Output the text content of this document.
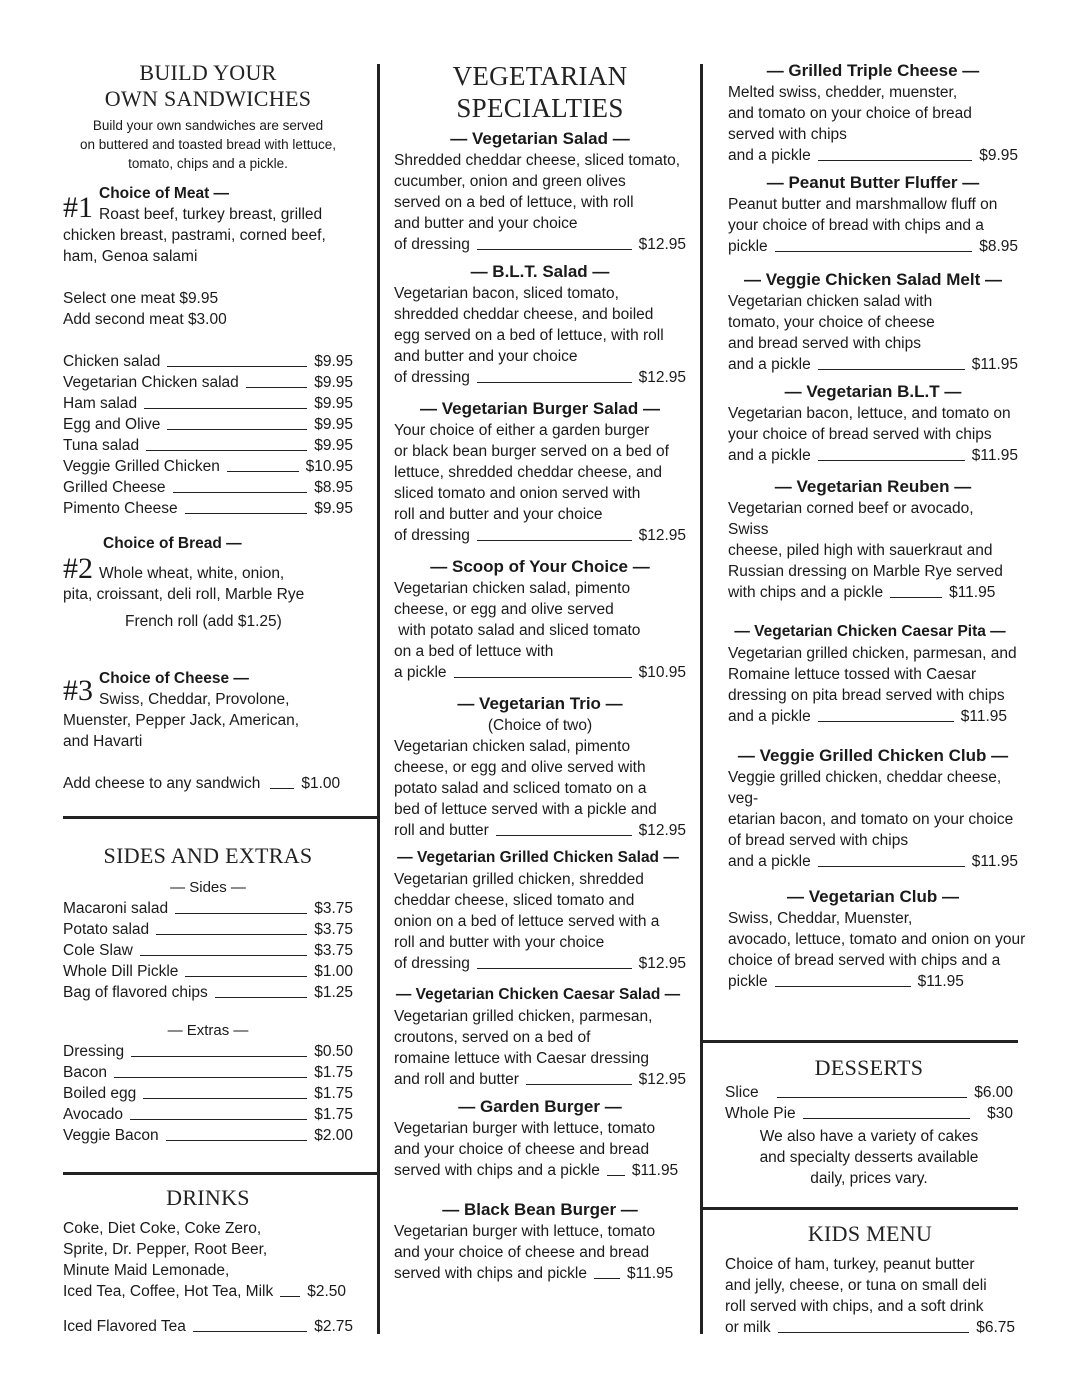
BUILD YOUR
OWN SANDWICHES
Build your own sandwiches are served
on buttered and toasted bread with lettuce,
tomato, chips and a pickle.
#1 Choice of Meat —
Roast beef, turkey breast, grilled
chicken breast, pastrami, corned beef,
ham, Genoa salami
Select one meat $9.95
Add second meat $3.00
Chicken salad	$9.95
Vegetarian Chicken salad	$9.95
Ham salad	$9.95
Egg and Olive	$9.95
Tuna salad	$9.95
Veggie Grilled Chicken	$10.95
Grilled Cheese	$8.95
Pimento Cheese	$9.95
Choice of Bread —
#2 Whole wheat, white, onion,
pita, croissant, deli roll, Marble Rye
French roll (add $1.25)
#3 Choice of Cheese —
Swiss, Cheddar, Provolone,
Muenster, Pepper Jack, American,
and Havarti
Add cheese to any sandwich	$1.00
SIDES AND EXTRAS
— Sides —
Macaroni salad	$3.75
Potato salad	$3.75
Cole Slaw	$3.75
Whole Dill Pickle	$1.00
Bag of flavored chips	$1.25
— Extras —
Dressing	$0.50
Bacon	$1.75
Boiled egg	$1.75
Avocado	$1.75
Veggie Bacon	$2.00
DRINKS
Coke, Diet Coke, Coke Zero,
Sprite, Dr. Pepper, Root Beer,
Minute Maid Lemonade,
Iced Tea, Coffee, Hot Tea, Milk $2.50
Iced Flavored Tea	$2.75
VEGETARIAN
SPECIALTIES
— Vegetarian Salad —
Shredded cheddar cheese, sliced tomato,
cucumber, onion and green olives
served on a bed of lettuce, with roll
and butter and your choice
of dressing	$12.95
— B.L.T. Salad —
Vegetarian bacon, sliced tomato,
shredded cheddar cheese, and boiled
egg served on a bed of lettuce, with roll
and butter and your choice
of dressing	$12.95
— Vegetarian Burger Salad —
Your choice of either a garden burger
or black bean burger served on a bed of
lettuce, shredded cheddar cheese, and
sliced tomato and onion served with
roll and butter and your choice
of dressing	$12.95
— Scoop of Your Choice —
Vegetarian chicken salad, pimento
cheese, or egg and olive served
with potato salad and sliced tomato
on a bed of lettuce with
a pickle	$10.95
— Vegetarian Trio —
(Choice of two)
Vegetarian chicken salad, pimento
cheese, or egg and olive served with
potato salad and scliced tomato on a
bed of lettuce served with a pickle and
roll and butter	$12.95
— Vegetarian Grilled Chicken Salad —
Vegetarian grilled chicken, shredded
cheddar cheese, sliced tomato and
onion on a bed of lettuce served with a
roll and butter with your choice
of dressing	$12.95
— Vegetarian Chicken Caesar Salad —
Vegetarian grilled chicken, parmesan,
croutons, served on a bed of
romaine lettuce with Caesar dressing
and roll and butter	$12.95
— Garden Burger —
Vegetarian burger with lettuce, tomato
and your choice of cheese and bread
served with chips and a pickle $11.95
— Black Bean Burger —
Vegetarian burger with lettuce, tomato
and your choice of cheese and bread
served with chips and pickle	$11.95
— Grilled Triple Cheese —
Melted swiss, chedder, muenster,
and tomato on your choice of bread
served with chips
and a pickle	$9.95
— Peanut Butter Fluffer —
Peanut butter and marshmallow fluff on
your choice of bread with chips and a
pickle	$8.95
— Veggie Chicken Salad Melt —
Vegetarian chicken salad with
tomato, your choice of cheese
and bread served with chips
and a pickle	$11.95
— Vegetarian B.L.T —
Vegetarian bacon, lettuce, and tomato on
your choice of bread served with chips
and a pickle	$11.95
— Vegetarian Reuben —
Vegetarian corned beef or avocado, Swiss
cheese, piled high with sauerkraut and
Russian dressing on Marble Rye served
with chips and a pickle	$11.95
— Vegetarian Chicken Caesar Pita —
Vegetarian grilled chicken, parmesan, and
Romaine lettuce tossed with Caesar
dressing on pita bread served with chips
and a pickle	$11.95
— Veggie Grilled Chicken Club —
Veggie grilled chicken, cheddar cheese, veg-
etarian bacon, and tomato on your choice
of bread served with chips
and a pickle	$11.95
— Vegetarian Club —
Swiss, Cheddar, Muenster,
avocado, lettuce, tomato and onion on your
choice of bread served with chips and a
pickle	$11.95
DESSERTS
Slice	$6.00
Whole Pie	$30
We also have a variety of cakes
and specialty desserts available
daily, prices vary.
KIDS MENU
Choice of ham, turkey, peanut butter
and jelly, cheese, or tuna on small deli
roll served with chips, and a soft drink
or milk	$6.75
